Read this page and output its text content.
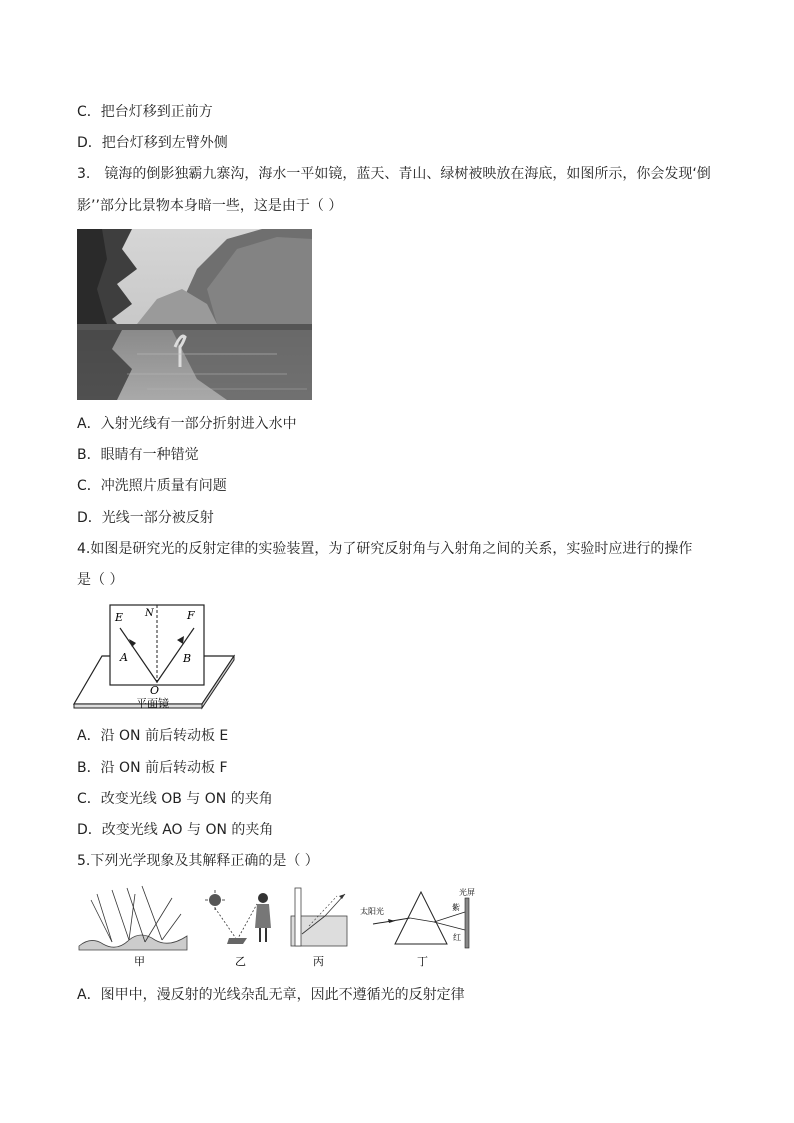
C．把台灯移到正前方
D．把台灯移到左臂外侧
3.　镜海的倒影独霸九寨沟，海水一平如镜，蓝天、青山、绿树被映放在海底，如图所示，你会发现‘倒
影’’部分比景物本身暗一些，这是由于（ ）
A．入射光线有一部分折射进入水中
B．眼睛有一种错觉
C．冲洗照片质量有问题
D．光线一部分被反射
4.如图是研究光的反射定律的实验装置，为了研究反射角与入射角之间的关系，实验时应进行的操作
是（ ）
E N	F
A	B
O
平面镜
A．沿 ON 前后转动板 E
B．沿 ON 前后转动板 F
C．改变光线 OB 与 ON 的夹角
D．改变光线 AO 与 ON 的夹角
5.下列光学现象及其解释正确的是（ ）
甲	乙	丙
太阳光
光屏
紫
红
丁
A．图甲中，漫反射的光线杂乱无章，因此不遵循光的反射定律
